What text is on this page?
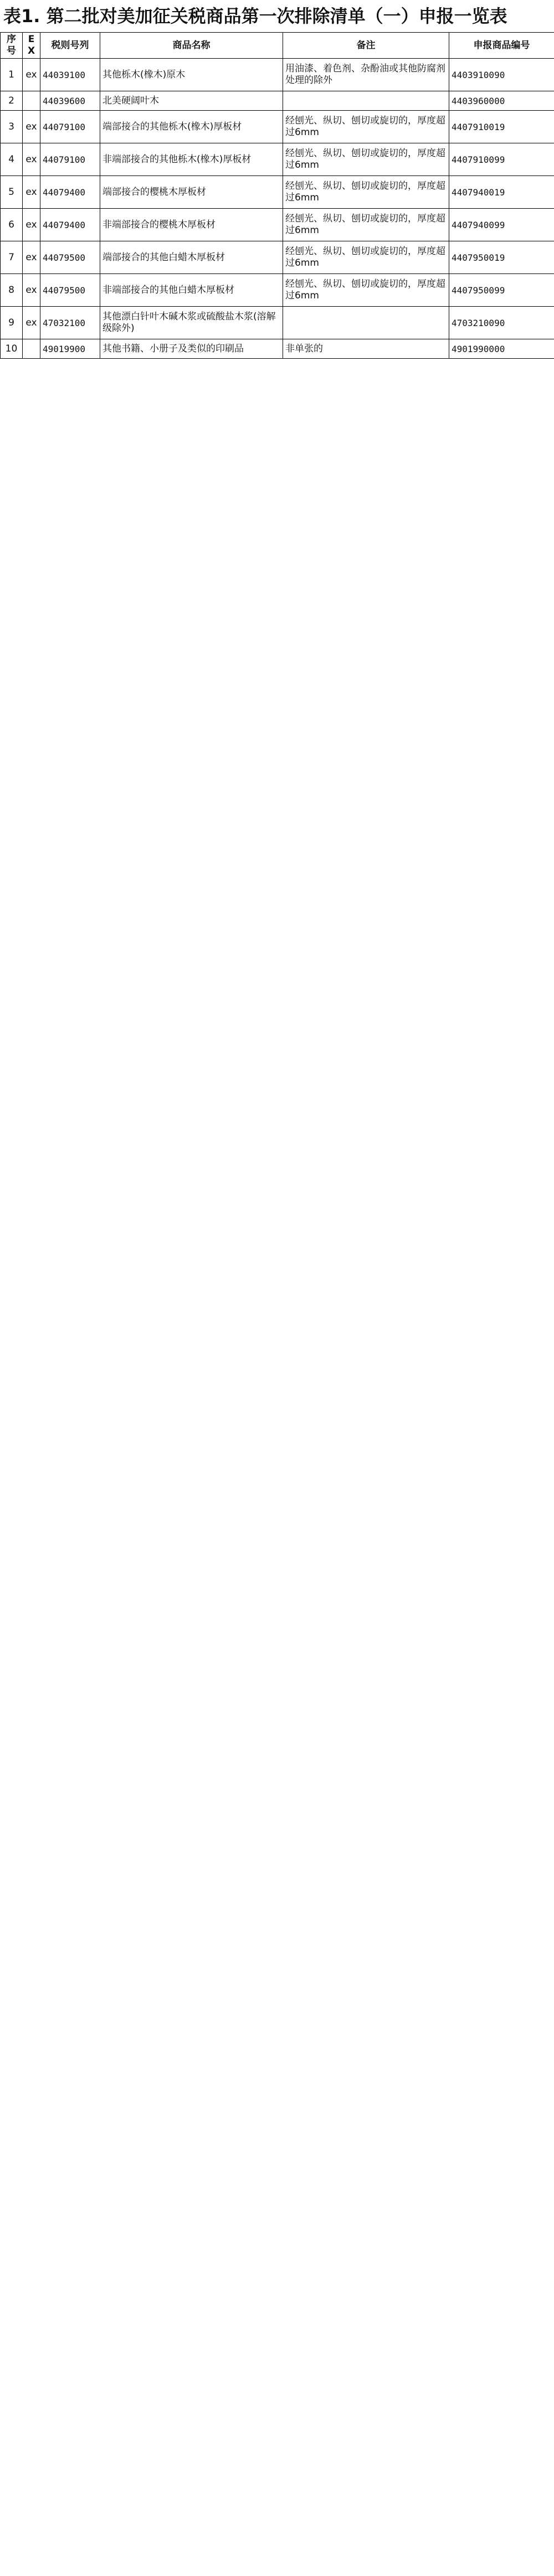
表1. 第二批对美加征关税商品第一次排除清单（一）申报一览表
序号	EX	税则号列	商品名称	备注	申报商品编号
1	ex	44039100	其他栎木(橡木)原木	用油漆、着色剂、杂酚油或其他防腐剂处理的除外	4403910090
2		44039600	北美硬阔叶木		4403960000
3	ex	44079100	端部接合的其他栎木(橡木)厚板材	经刨光、纵切、刨切或旋切的，厚度超过6mm	4407910019
4	ex	44079100	非端部接合的其他栎木(橡木)厚板材	经刨光、纵切、刨切或旋切的，厚度超过6mm	4407910099
5	ex	44079400	端部接合的樱桃木厚板材	经刨光、纵切、刨切或旋切的，厚度超过6mm	4407940019
6	ex	44079400	非端部接合的樱桃木厚板材	经刨光、纵切、刨切或旋切的，厚度超过6mm	4407940099
7	ex	44079500	端部接合的其他白蜡木厚板材	经刨光、纵切、刨切或旋切的，厚度超过6mm	4407950019
8	ex	44079500	非端部接合的其他白蜡木厚板材	经刨光、纵切、刨切或旋切的，厚度超过6mm	4407950099
9	ex	47032100	其他漂白针叶木碱木浆或硫酸盐木浆(溶解级除外)		4703210090
10		49019900	其他书籍、小册子及类似的印刷品	非单张的	4901990000
